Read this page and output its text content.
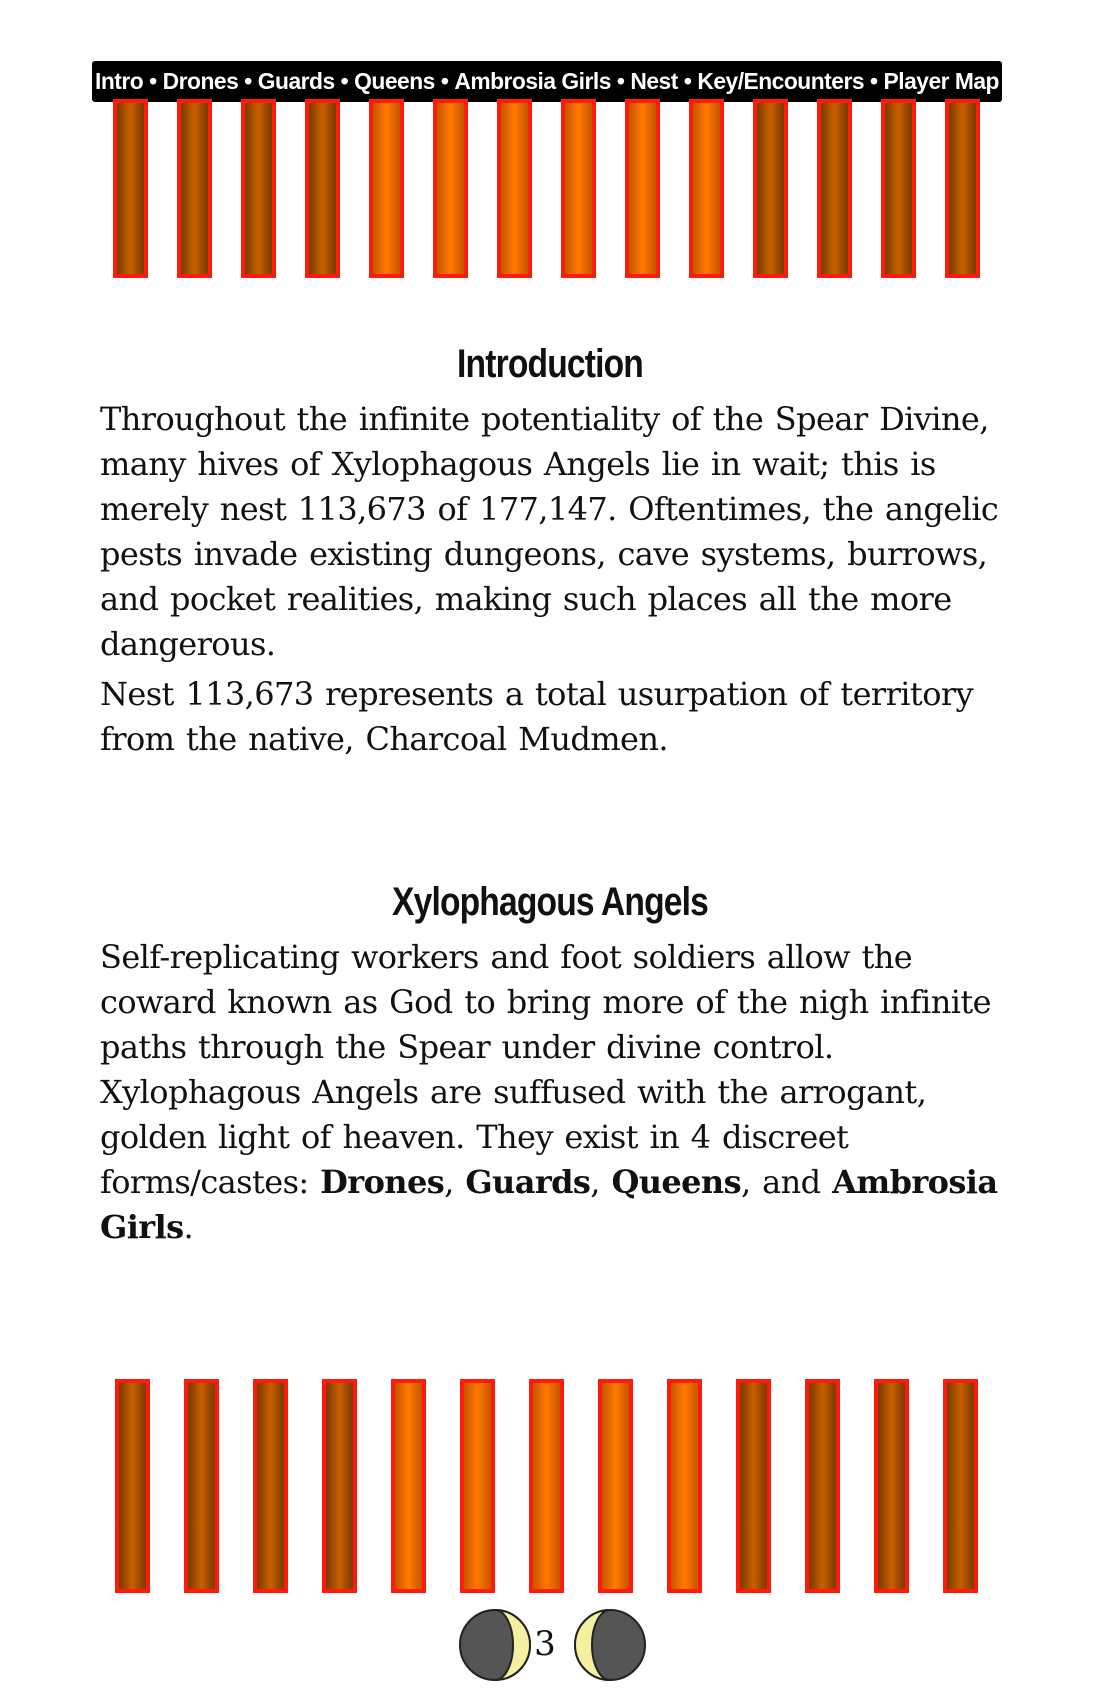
Intro • Drones • Guards • Queens • Ambrosia Girls • Nest • Key/Encounters • Player Map
Introduction

Throughout the infinite potentiality of the Spear Divine, many hives of Xylophagous Angels lie in wait; this is merely nest 113,673 of 177,147. Oftentimes, the angelic pests invade existing dungeons, cave systems, burrows, and pocket realities, making such places all the more dangerous.

Nest 113,673 represents a total usurpation of territory from the native, Charcoal Mudmen.

Xylophagous Angels

Self-replicating workers and foot soldiers allow the coward known as God to bring more of the nigh infinite paths through the Spear under divine control. Xylophagous Angels are suffused with the arrogant, golden light of heaven. They exist in 4 discreet forms/castes: Drones, Guards, Queens, and Ambrosia Girls.

3
